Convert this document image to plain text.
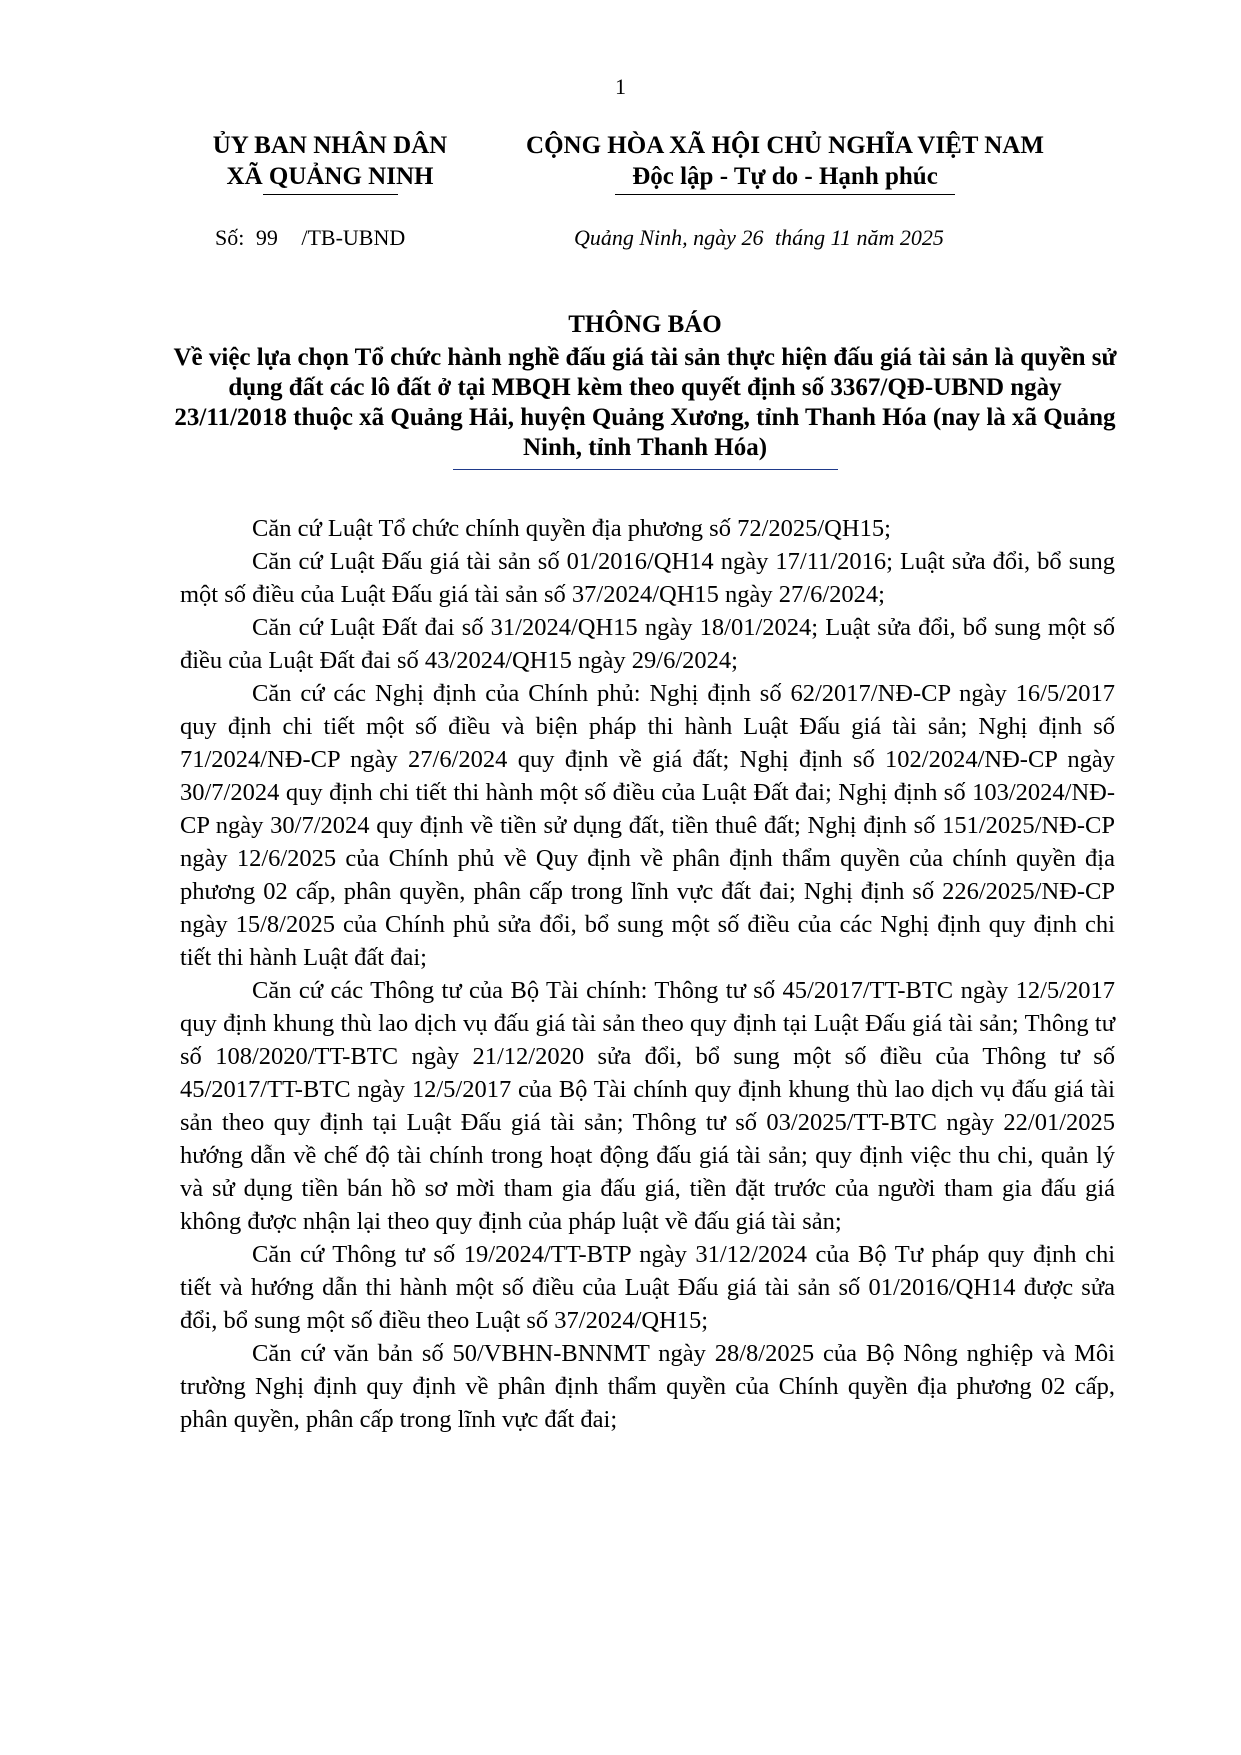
1
ỦY BAN NHÂN DÂN
XÃ QUẢNG NINH
CỘNG HÒA XÃ HỘI CHỦ NGHĨA VIỆT NAM
Độc lập - Tự do - Hạnh phúc
Số: 99 /TB-UBND	Quảng Ninh, ngày 26 tháng 11 năm 2025
THÔNG BÁO
Về việc lựa chọn Tổ chức hành nghề đấu giá tài sản thực hiện đấu giá tài sản là quyền sử dụng đất các lô đất ở tại MBQH kèm theo quyết định số 3367/QĐ-UBND ngày 23/11/2018 thuộc xã Quảng Hải, huyện Quảng Xương, tỉnh Thanh Hóa (nay là xã Quảng Ninh, tỉnh Thanh Hóa)

Căn cứ Luật Tổ chức chính quyền địa phương số 72/2025/QH15;

Căn cứ Luật Đấu giá tài sản số 01/2016/QH14 ngày 17/11/2016; Luật sửa đổi, bổ sung một số điều của Luật Đấu giá tài sản số 37/2024/QH15 ngày 27/6/2024;

Căn cứ Luật Đất đai số 31/2024/QH15 ngày 18/01/2024; Luật sửa đổi, bổ sung một số điều của Luật Đất đai số 43/2024/QH15 ngày 29/6/2024;

Căn cứ các Nghị định của Chính phủ: Nghị định số 62/2017/NĐ-CP ngày 16/5/2017 quy định chi tiết một số điều và biện pháp thi hành Luật Đấu giá tài sản; Nghị định số 71/2024/NĐ-CP ngày 27/6/2024 quy định về giá đất; Nghị định số 102/2024/NĐ-CP ngày 30/7/2024 quy định chi tiết thi hành một số điều của Luật Đất đai; Nghị định số 103/2024/NĐ-CP ngày 30/7/2024 quy định về tiền sử dụng đất, tiền thuê đất; Nghị định số 151/2025/NĐ-CP ngày 12/6/2025 của Chính phủ về Quy định về phân định thẩm quyền của chính quyền địa phương 02 cấp, phân quyền, phân cấp trong lĩnh vực đất đai; Nghị định số 226/2025/NĐ-CP ngày 15/8/2025 của Chính phủ sửa đổi, bổ sung một số điều của các Nghị định quy định chi tiết thi hành Luật đất đai;

Căn cứ các Thông tư của Bộ Tài chính: Thông tư số 45/2017/TT-BTC ngày 12/5/2017 quy định khung thù lao dịch vụ đấu giá tài sản theo quy định tại Luật Đấu giá tài sản; Thông tư số 108/2020/TT-BTC ngày 21/12/2020 sửa đổi, bổ sung một số điều của Thông tư số 45/2017/TT-BTC ngày 12/5/2017 của Bộ Tài chính quy định khung thù lao dịch vụ đấu giá tài sản theo quy định tại Luật Đấu giá tài sản; Thông tư số 03/2025/TT-BTC ngày 22/01/2025 hướng dẫn về chế độ tài chính trong hoạt động đấu giá tài sản; quy định việc thu chi, quản lý và sử dụng tiền bán hồ sơ mời tham gia đấu giá, tiền đặt trước của người tham gia đấu giá không được nhận lại theo quy định của pháp luật về đấu giá tài sản;

Căn cứ Thông tư số 19/2024/TT-BTP ngày 31/12/2024 của Bộ Tư pháp quy định chi tiết và hướng dẫn thi hành một số điều của Luật Đấu giá tài sản số 01/2016/QH14 được sửa đổi, bổ sung một số điều theo Luật số 37/2024/QH15;

Căn cứ văn bản số 50/VBHN-BNNMT ngày 28/8/2025 của Bộ Nông nghiệp và Môi trường Nghị định quy định về phân định thẩm quyền của Chính quyền địa phương 02 cấp, phân quyền, phân cấp trong lĩnh vực đất đai;
